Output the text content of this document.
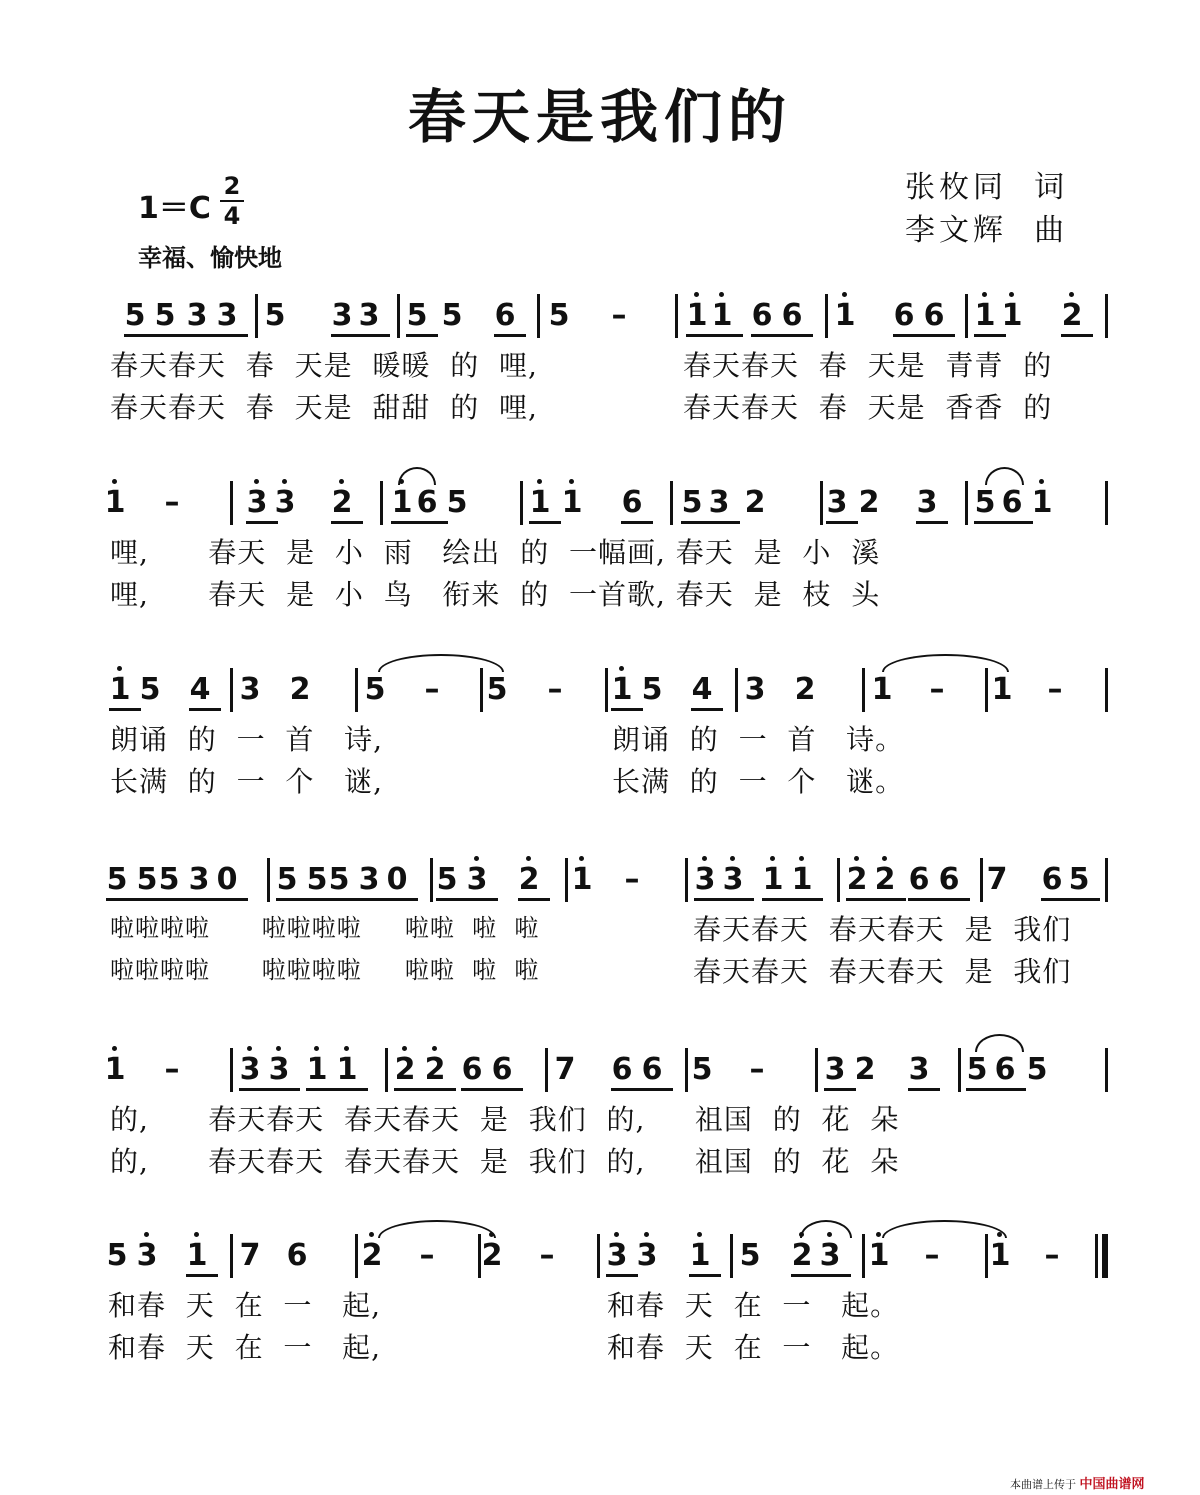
春天是我们的
张枚同  词
李文辉  曲
1＝C
2
4
幸福、愉快地
5 5 3 3 5 3 3 5 5 6 5 – 1 1 6 6 1 6 6 1 1 2
春天春天  春  天是  暖暖  的  哩,	春天春天  春  天是  青青  的
春天春天  春  天是  甜甜  的  哩,	春天春天  春  天是  香香  的
1 – 3 3 2 1 6 5 1 1 6 5 3 2 3 2 3 5 6 1
哩,      春天  是  小  雨   绘出  的  一幅画, 春天  是  小  溪
哩,      春天  是  小  鸟   衔来  的  一首歌, 春天  是  枝  头
1 5 4 3 2 5 – 5 – 1 5 4 3 2 1 – 1 –
朗诵  的  一  首   诗,	朗诵  的  一  首   诗。
长满  的  一  个   谜,	长满  的  一  个   谜。
5 5 5 3 0 5 5 5 3 0 5 3 2 1 – 3 3 1 1 2 2 6 6 7 6 5
啦啦啦啦      啦啦啦啦     啦啦  啦  啦	春天春天  春天春天  是  我们
啦啦啦啦      啦啦啦啦     啦啦  啦  啦	春天春天  春天春天  是  我们
1 – 3 3 1 1 2 2 6 6 7 6 6 5 – 3 2 3 5 6 5
的,      春天春天  春天春天  是  我们  的,     祖国  的  花  朵
的,      春天春天  春天春天  是  我们  的,     祖国  的  花  朵
5 3 1 7 6 2 – 2 – 3 3 1 5 2 3 1 – 1 –
和春  天  在  一   起,	和春  天  在  一   起。
和春  天  在  一   起,	和春  天  在  一   起。
本曲谱上传于 中国曲谱网
